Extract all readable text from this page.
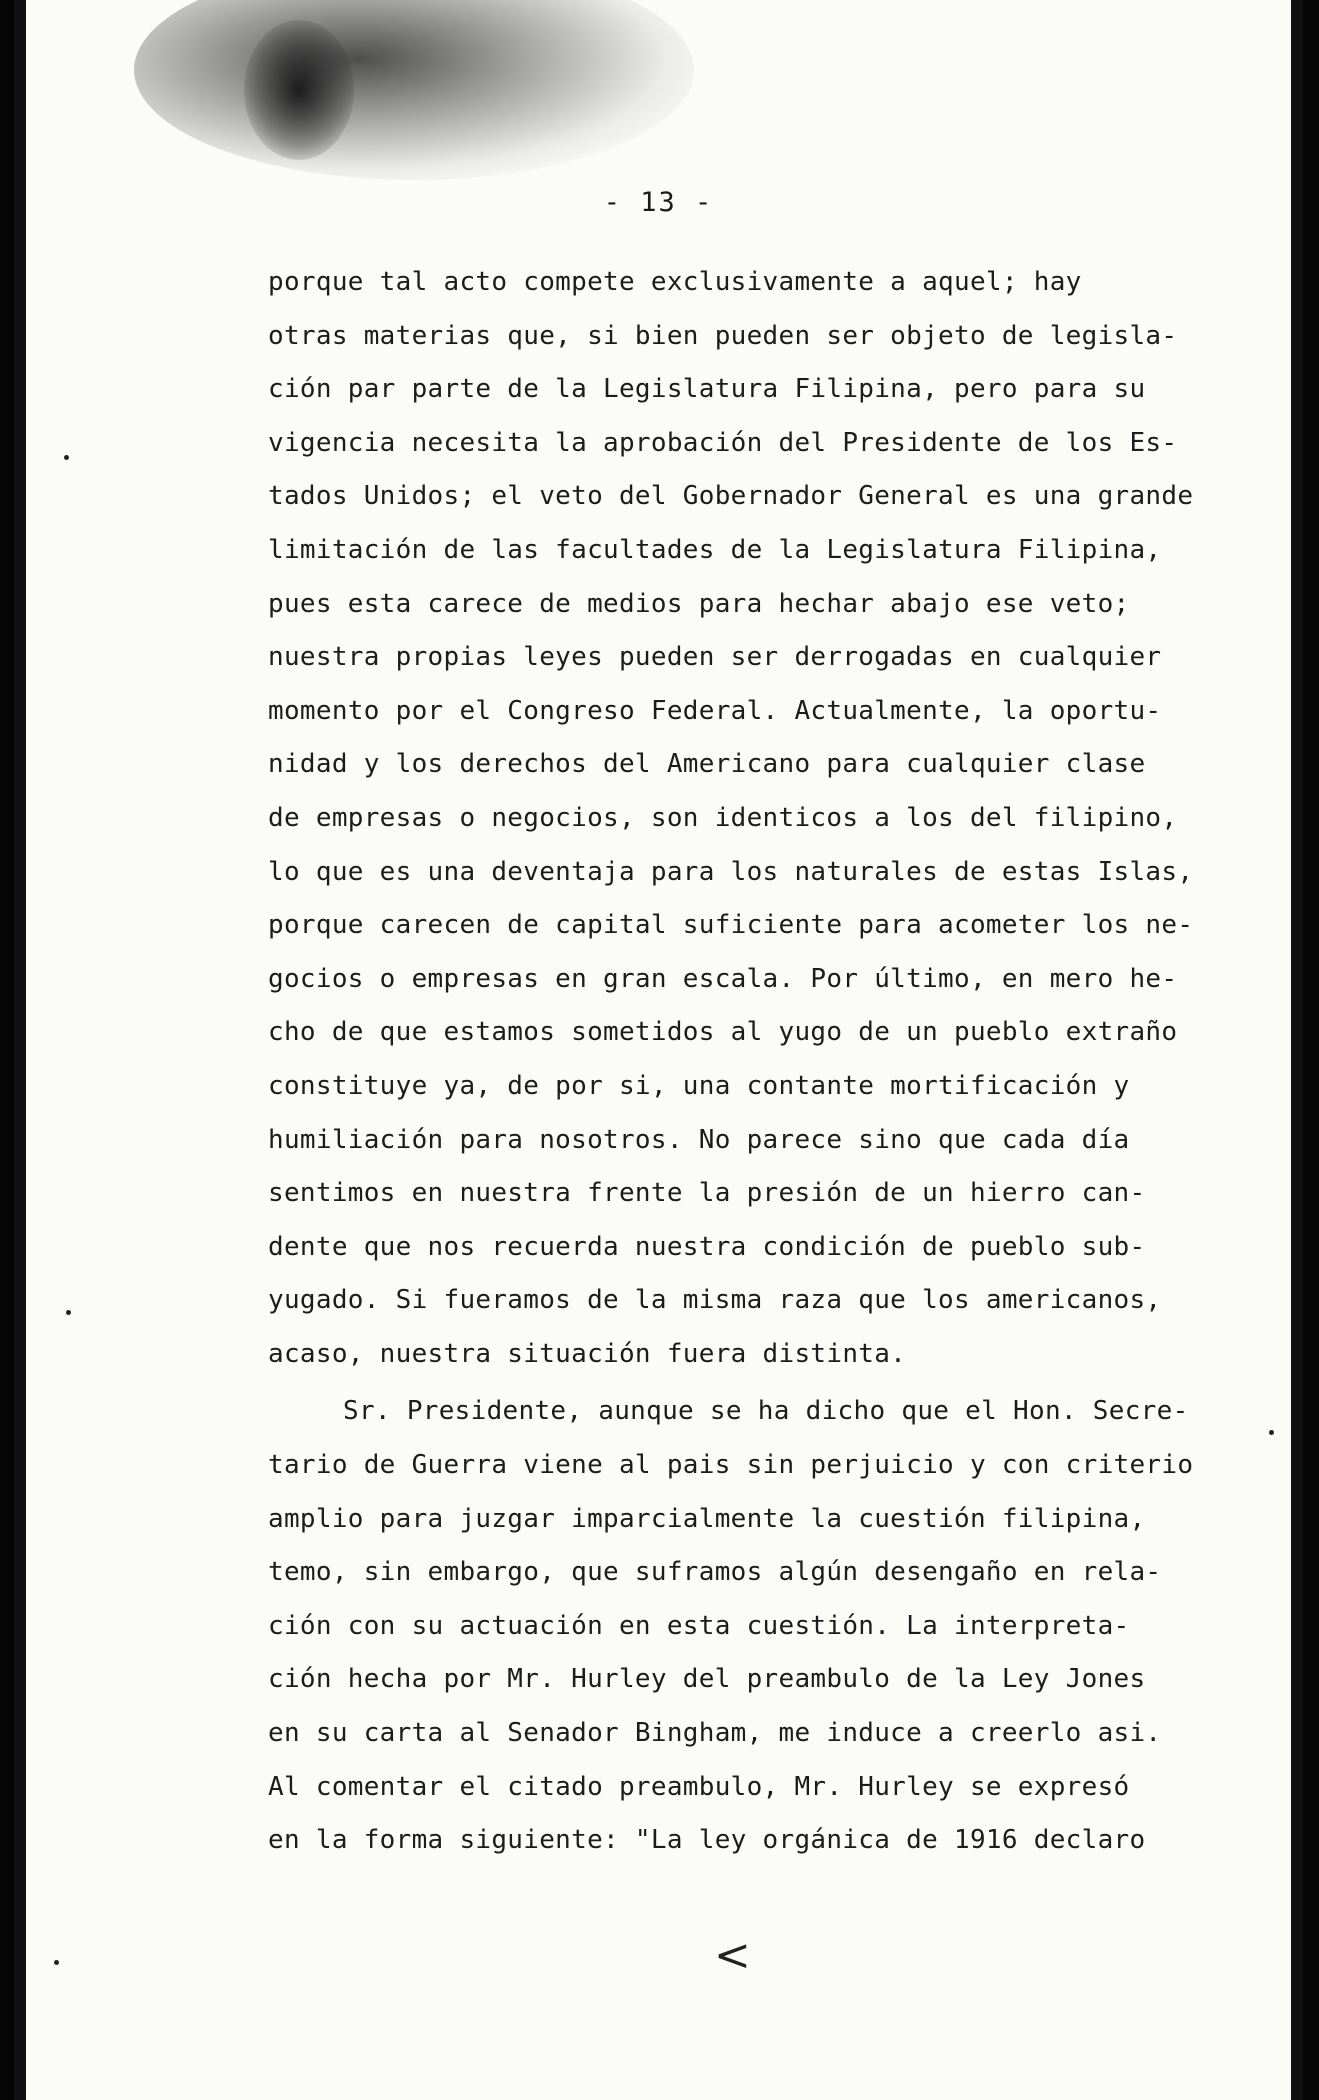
- 13 -
porque tal acto compete exclusivamente a aquel; hay
otras materias que, si bien pueden ser objeto de legisla-
ción par parte de la Legislatura Filipina, pero para su
vigencia necesita la aprobación del Presidente de los Es-
tados Unidos; el veto del Gobernador General es una grande
limitación de las facultades de la Legislatura Filipina,
pues esta carece de medios para hechar abajo ese veto;
nuestra propias leyes pueden ser derrogadas en cualquier
momento por el Congreso Federal. Actualmente, la oportu-
nidad y los derechos del Americano para cualquier clase
de empresas o negocios, son identicos a los del filipino,
lo que es una deventaja para los naturales de estas Islas,
porque carecen de capital suficiente para acometer los ne-
gocios o empresas en gran escala. Por último, en mero he-
cho de que estamos sometidos al yugo de un pueblo extraño
constituye ya, de por si, una contante mortificación y
humiliación para nosotros. No parece sino que cada día
sentimos en nuestra frente la presión de un hierro can-
dente que nos recuerda nuestra condición de pueblo sub-
yugado. Si fueramos de la misma raza que los americanos,
acaso, nuestra situación fuera distinta.
Sr. Presidente, aunque se ha dicho que el Hon. Secre-
tario de Guerra viene al pais sin perjuicio y con criterio
amplio para juzgar imparcialmente la cuestión filipina,
temo, sin embargo, que suframos algún desengaño en rela-
ción con su actuación en esta cuestión. La interpreta-
ción hecha por Mr. Hurley del preambulo de la Ley Jones
en su carta al Senador Bingham, me induce a creerlo asi.
Al comentar el citado preambulo, Mr. Hurley se expresó
en la forma siguiente: "La ley orgánica de 1916 declaro
<
